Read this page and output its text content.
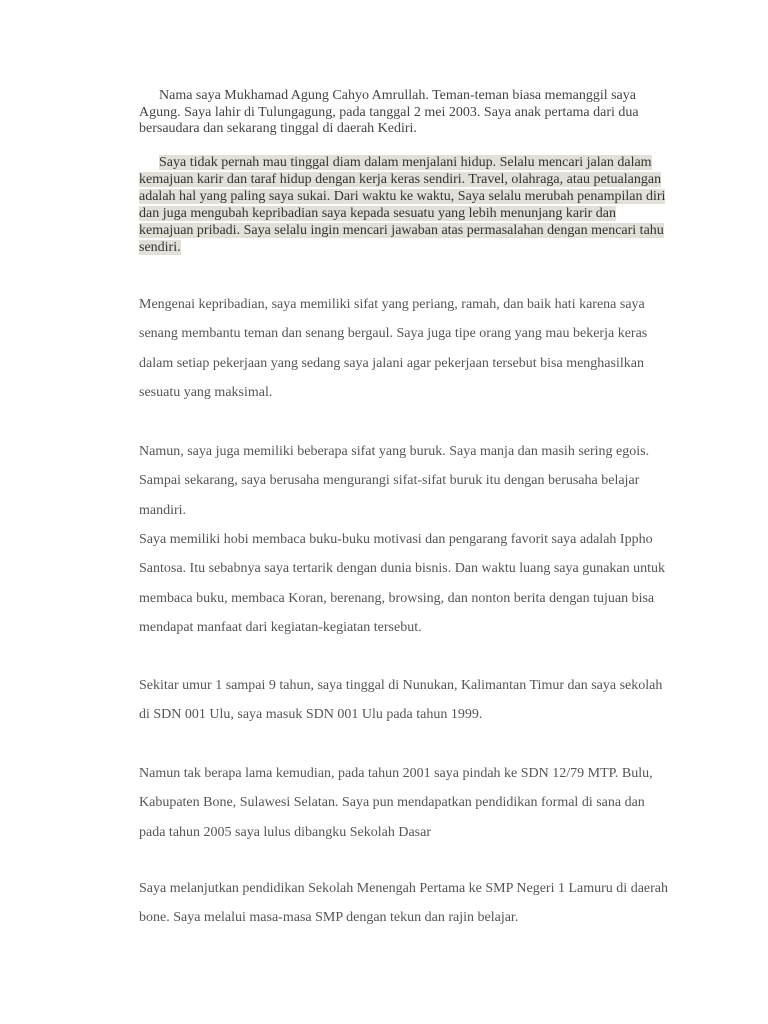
Nama saya Mukhamad Agung Cahyo Amrullah. Teman-teman biasa memanggil saya Agung. Saya lahir di Tulungagung, pada tanggal 2 mei 2003. Saya anak pertama dari dua bersaudara dan sekarang tinggal di daerah Kediri.

Saya tidak pernah mau tinggal diam dalam menjalani hidup. Selalu mencari jalan dalam kemajuan karir dan taraf hidup dengan kerja keras sendiri. Travel, olahraga, atau petualangan adalah hal yang paling saya sukai. Dari waktu ke waktu, Saya selalu merubah penampilan diri dan juga mengubah kepribadian saya kepada sesuatu yang lebih menunjang karir dan kemajuan pribadi. Saya selalu ingin mencari jawaban atas permasalahan dengan mencari tahu sendiri.

Mengenai kepribadian, saya memiliki sifat yang periang, ramah, dan baik hati karena saya senang membantu teman dan senang bergaul. Saya juga tipe orang yang mau bekerja keras dalam setiap pekerjaan yang sedang saya jalani agar pekerjaan tersebut bisa menghasilkan sesuatu yang maksimal.

Namun, saya juga memiliki beberapa sifat yang buruk. Saya manja dan masih sering egois. Sampai sekarang, saya berusaha mengurangi sifat-sifat buruk itu dengan berusaha belajar mandiri.

Saya memiliki hobi membaca buku-buku motivasi dan pengarang favorit saya adalah Ippho Santosa. Itu sebabnya saya tertarik dengan dunia bisnis. Dan waktu luang saya gunakan untuk membaca buku, membaca Koran, berenang, browsing, dan nonton berita dengan tujuan bisa mendapat manfaat dari kegiatan-kegiatan tersebut.

Sekitar umur 1 sampai 9 tahun, saya tinggal di Nunukan, Kalimantan Timur dan saya sekolah di SDN 001 Ulu, saya masuk SDN 001 Ulu pada tahun 1999.

Namun tak berapa lama kemudian, pada tahun 2001 saya pindah ke SDN 12/79 MTP. Bulu, Kabupaten Bone, Sulawesi Selatan. Saya pun mendapatkan pendidikan formal di sana dan pada tahun 2005 saya lulus dibangku Sekolah Dasar

Saya melanjutkan pendidikan Sekolah Menengah Pertama ke SMP Negeri 1 Lamuru di daerah bone. Saya melalui masa-masa SMP dengan tekun dan rajin belajar.
